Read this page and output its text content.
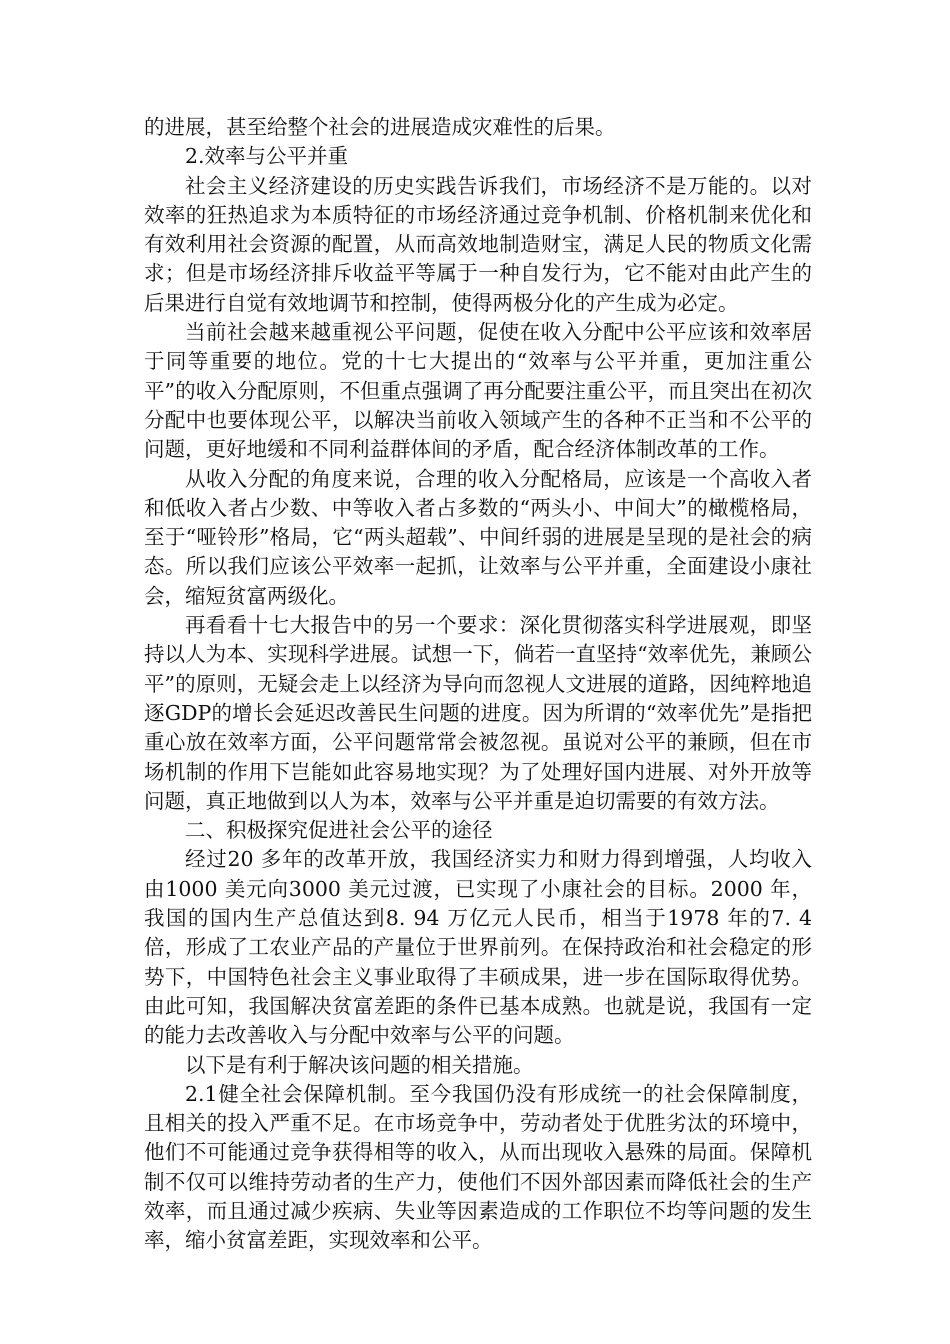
的进展，甚至给整个社会的进展造成灾难性的后果。

2.效率与公平并重

社会主义经济建设的历史实践告诉我们，市场经济不是万能的。以对效率的狂热追求为本质特征的市场经济通过竞争机制、价格机制来优化和有效利用社会资源的配置，从而高效地制造财宝，满足人民的物质文化需求；但是市场经济排斥收益平等属于一种自发行为，它不能对由此产生的后果进行自觉有效地调节和控制，使得两极分化的产生成为必定。

当前社会越来越重视公平问题，促使在收入分配中公平应该和效率居于同等重要的地位。党的十七大提出的“效率与公平并重，更加注重公平”的收入分配原则，不但重点强调了再分配要注重公平，而且突出在初次分配中也要体现公平，以解决当前收入领域产生的各种不正当和不公平的问题，更好地缓和不同利益群体间的矛盾，配合经济体制改革的工作。

从收入分配的角度来说，合理的收入分配格局，应该是一个高收入者和低收入者占少数、中等收入者占多数的“两头小、中间大”的橄榄格局，至于“哑铃形”格局，它“两头超载”、中间纤弱的进展是呈现的是社会的病态。所以我们应该公平效率一起抓，让效率与公平并重，全面建设小康社会，缩短贫富两级化。

再看看十七大报告中的另一个要求：深化贯彻落实科学进展观，即坚持以人为本、实现科学进展。试想一下，倘若一直坚持“效率优先，兼顾公平”的原则，无疑会走上以经济为导向而忽视人文进展的道路，因纯粹地追逐GDP的增长会延迟改善民生问题的进度。因为所谓的“效率优先”是指把重心放在效率方面，公平问题常常会被忽视。虽说对公平的兼顾，但在市场机制的作用下岂能如此容易地实现？为了处理好国内进展、对外开放等问题，真正地做到以人为本，效率与公平并重是迫切需要的有效方法。

二、积极探究促进社会公平的途径

经过20 多年的改革开放，我国经济实力和财力得到增强，人均收入由1000 美元向3000 美元过渡，已实现了小康社会的目标。2000 年，我国的国内生产总值达到8. 94 万亿元人民币，相当于1978 年的7. 4 倍，形成了工农业产品的产量位于世界前列。在保持政治和社会稳定的形势下，中国特色社会主义事业取得了丰硕成果，进一步在国际取得优势。由此可知，我国解决贫富差距的条件已基本成熟。也就是说，我国有一定的能力去改善收入与分配中效率与公平的问题。

以下是有利于解决该问题的相关措施。

2.1健全社会保障机制。至今我国仍没有形成统一的社会保障制度，且相关的投入严重不足。在市场竞争中，劳动者处于优胜劣汰的环境中，他们不可能通过竞争获得相等的收入，从而出现收入悬殊的局面。保障机制不仅可以维持劳动者的生产力，使他们不因外部因素而降低社会的生产效率，而且通过减少疾病、失业等因素造成的工作职位不均等问题的发生率，缩小贫富差距，实现效率和公平。
